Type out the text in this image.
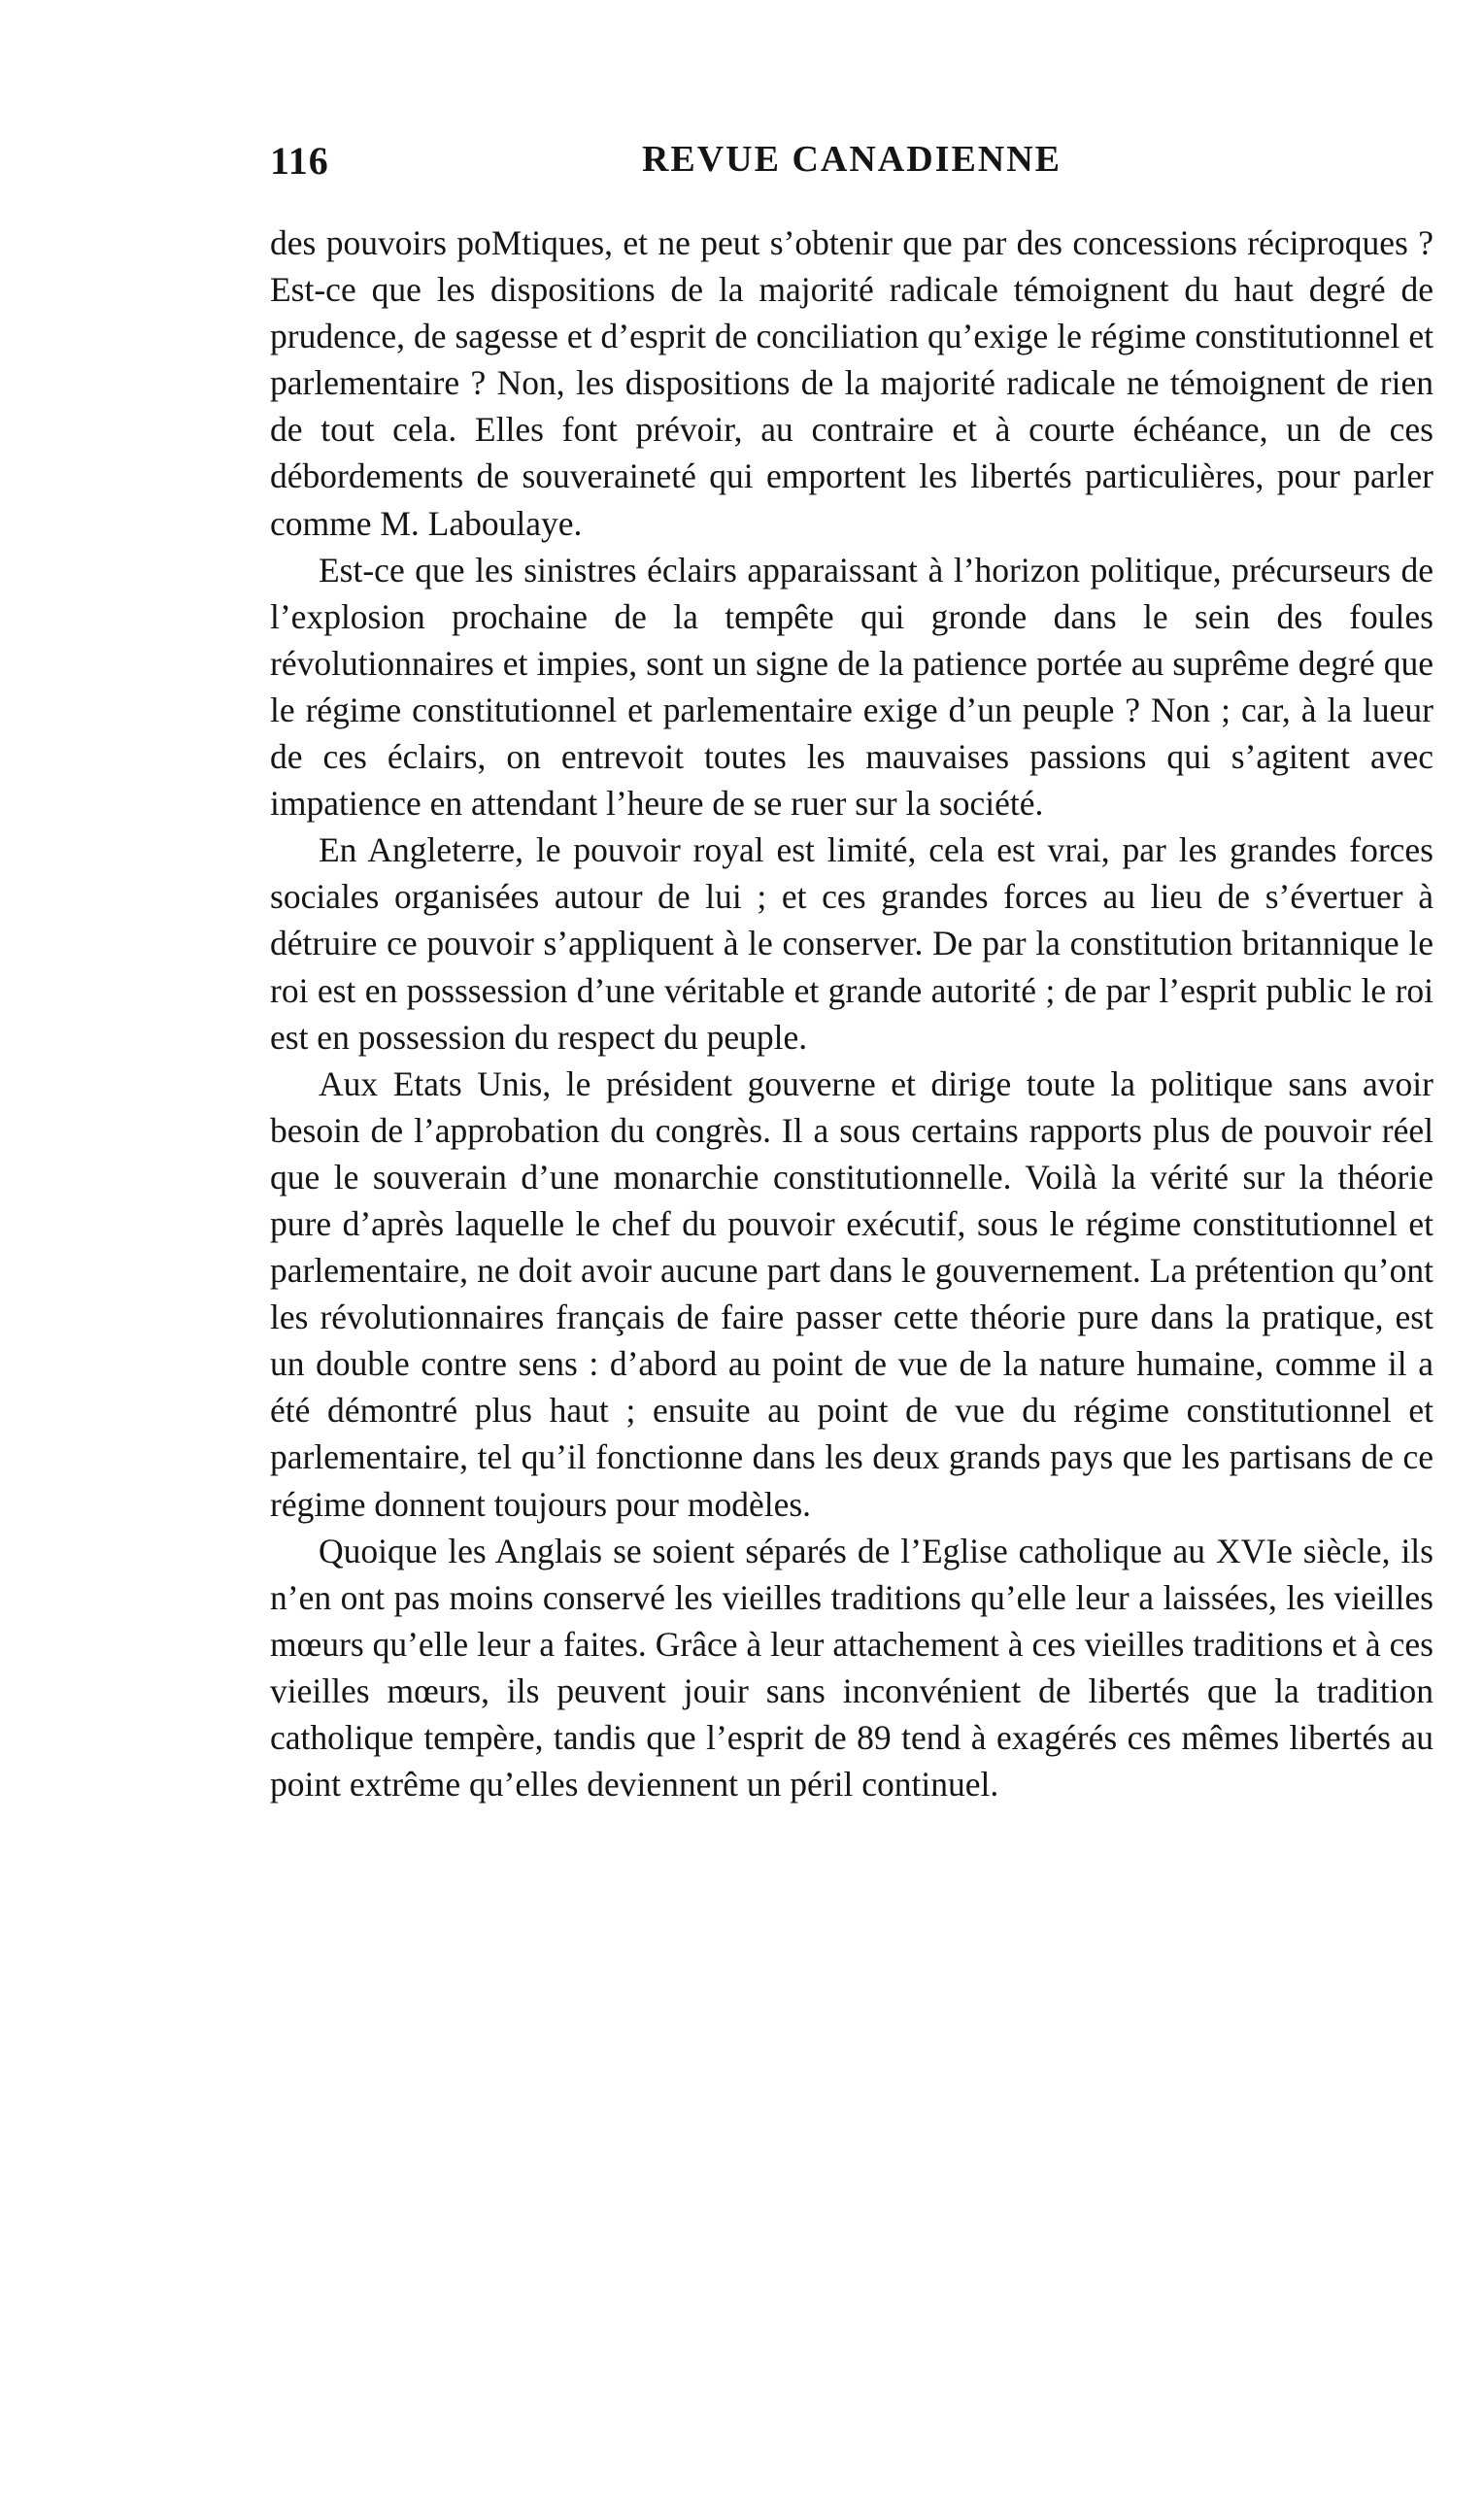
116	REVUE CANADIENNE

des pouvoirs poMtiques, et ne peut s’obtenir que par des concessions réciproques ? Est-ce que les dispositions de la majorité radicale témoignent du haut degré de prudence, de sagesse et d’esprit de conciliation qu’exige le régime constitutionnel et parlementaire ? Non, les dispositions de la majorité radicale ne témoignent de rien de tout cela. Elles font prévoir, au contraire et à courte échéance, un de ces débordements de souveraineté qui emportent les libertés particulières, pour parler comme M. Laboulaye.

Est-ce que les sinistres éclairs apparaissant à l’horizon politique, précurseurs de l’explosion prochaine de la tempête qui gronde dans le sein des foules révolutionnaires et impies, sont un signe de la patience portée au suprême degré que le régime constitutionnel et parlementaire exige d’un peuple ? Non ; car, à la lueur de ces éclairs, on entrevoit toutes les mauvaises passions qui s’agitent avec impatience en attendant l’heure de se ruer sur la société.

En Angleterre, le pouvoir royal est limité, cela est vrai, par les grandes forces sociales organisées autour de lui ; et ces grandes forces au lieu de s’évertuer à détruire ce pouvoir s’appliquent à le conserver. De par la constitution britannique le roi est en posssession d’une véritable et grande autorité ; de par l’esprit public le roi est en possession du respect du peuple.

Aux Etats Unis, le président gouverne et dirige toute la politique sans avoir besoin de l’approbation du congrès. Il a sous certains rapports plus de pouvoir réel que le souverain d’une monarchie constitutionnelle. Voilà la vérité sur la théorie pure d’après laquelle le chef du pouvoir exécutif, sous le régime constitutionnel et parlementaire, ne doit avoir aucune part dans le gouvernement. La prétention qu’ont les révolutionnaires français de faire passer cette théorie pure dans la pratique, est un double contre sens : d’abord au point de vue de la nature humaine, comme il a été démontré plus haut ; ensuite au point de vue du régime constitutionnel et parlementaire, tel qu’il fonctionne dans les deux grands pays que les partisans de ce régime donnent toujours pour modèles.

Quoique les Anglais se soient séparés de l’Eglise catholique au XVIe siècle, ils n’en ont pas moins conservé les vieilles traditions qu’elle leur a laissées, les vieilles mœurs qu’elle leur a faites. Grâce à leur attachement à ces vieilles traditions et à ces vieilles mœurs, ils peuvent jouir sans inconvénient de libertés que la tradition catholique tempère, tandis que l’esprit de 89 tend à exagérés ces mêmes libertés au point extrême qu’elles deviennent un péril continuel.
